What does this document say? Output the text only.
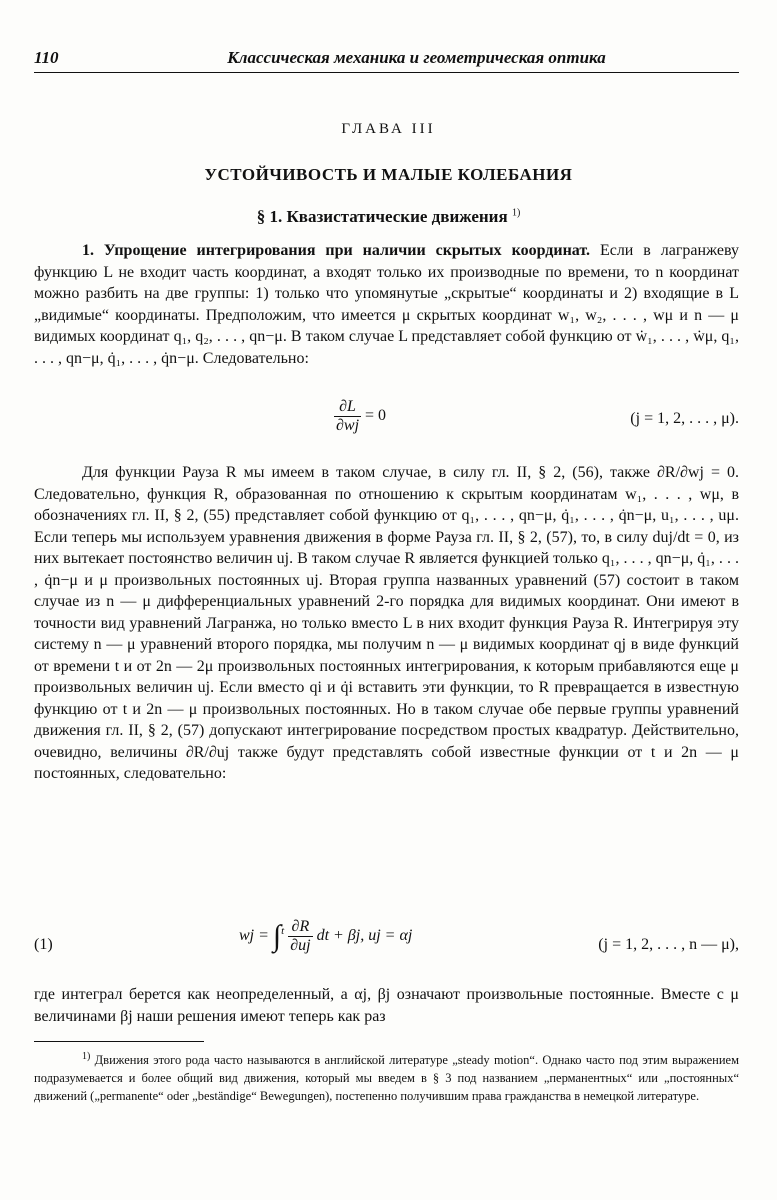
110	Классическая механика и геометрическая оптика
ГЛАВА III
УСТОЙЧИВОСТЬ И МАЛЫЕ КОЛЕБАНИЯ
§ 1. Квазистатические движения $^{1)}$

1. Упрощение интегрирования при наличии скрытых координат. Если в лагранжеву функцию L не входит часть координат, а входят только их производные по времени, то n координат можно разбить на две группы: 1) только что упомянутые „скрытые“ координаты и 2) входящие в L „видимые“ координаты. Предположим, что имеется μ скрытых координат w₁, w₂, . . . , wμ и n — μ видимых координат q₁, q₂, . . . , qn−μ. В таком случае L представляет собой функцию от ẇ₁, . . . , ẇμ, q₁, . . . , qn−μ, q̇₁, . . . , q̇n−μ. Следовательно:

$\frac{\partial L}{\partial wj} = 0$	(j = 1, 2, . . . , μ).

Для функции Рауза R мы имеем в таком случае, в силу гл. II, § 2, (56), также ∂R/∂wj = 0. Следовательно, функция R, образованная по отношению к скрытым координатам w₁, . . . , wμ, в обозначениях гл. II, § 2, (55) представляет собой функцию от q₁, . . . , qn−μ, q̇₁, . . . , q̇n−μ, u₁, . . . , uμ. Если теперь мы используем уравнения движения в форме Рауза гл. II, § 2, (57), то, в силу duj/dt = 0, из них вытекает постоянство величин uj. В таком случае R является функцией только q₁, . . . , qn−μ, q̇₁, . . . , q̇n−μ и μ произвольных постоянных uj. Вторая группа названных уравнений (57) состоит в таком случае из n — μ дифференциальных уравнений 2-го порядка для видимых координат. Они имеют в точности вид уравнений Лагранжа, но только вместо L в них входит функция Рауза R. Интегрируя эту систему n — μ уравнений второго порядка, мы получим n — μ видимых координат qj в виде функций от времени t и от 2n — 2μ произвольных постоянных интегрирования, к которым прибавляются еще μ произвольных величин uj. Если вместо qi и q̇i вставить эти функции, то R превращается в известную функцию от t и 2n — μ произвольных постоянных. Но в таком случае обе первые группы уравнений движения гл. II, § 2, (57) допускают интегрирование посредством простых квадратур. Действительно, очевидно, величины ∂R/∂uj также будут представлять собой известные функции от t и 2n — μ постоянных, следовательно:

(1)
wj = $\int^t \frac{\partial R}{\partial uj}$ dt + βj, uj = αj
(j = 1, 2, . . . , n — μ),

где интеграл берется как неопределенный, а αj, βj означают произвольные постоянные. Вместе с μ величинами βj наши решения имеют теперь как раз

$^{1)}$ Движения этого рода часто называются в английской литературе „steady motion“. Однако часто под этим выражением подразумевается и более общий вид движения, который мы введем в § 3 под названием „перманентных“ или „постоянных“ движений („permanente“ oder „beständige“ Bewegungen), постепенно получившим права гражданства в немецкой литературе.
